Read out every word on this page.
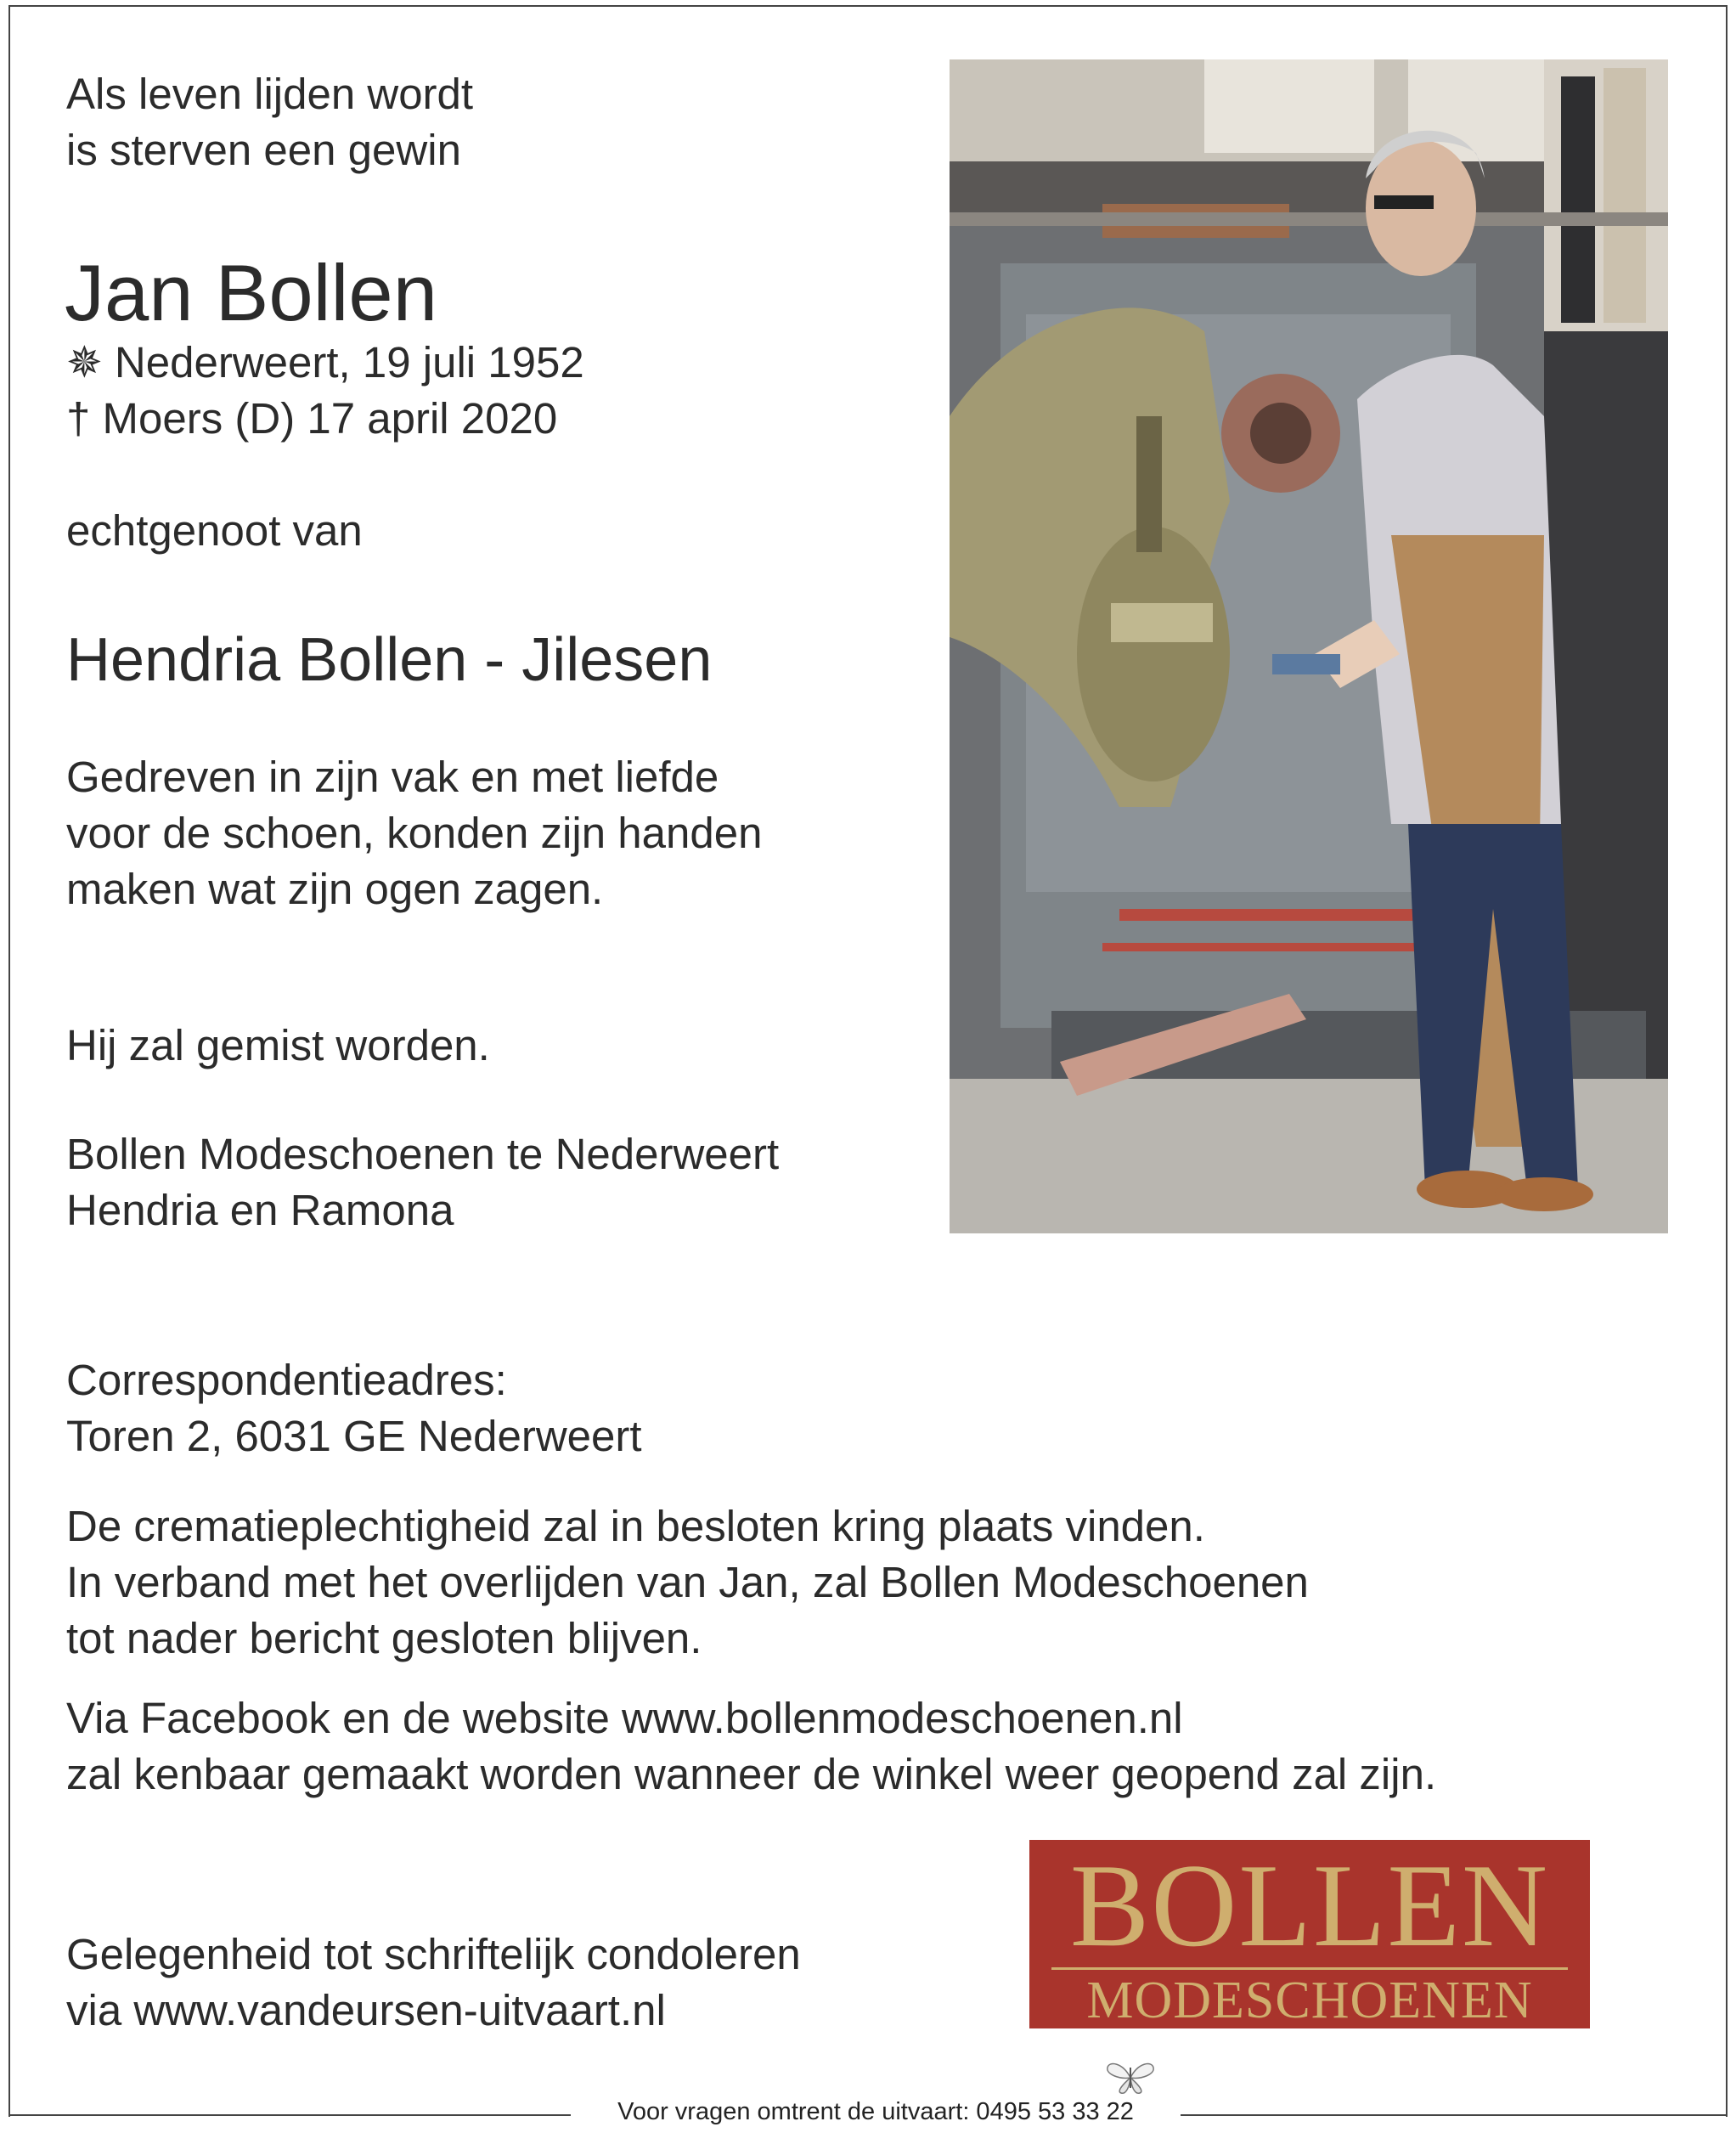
Als leven lijden wordt
is sterven een gewin
Jan Bollen
✵ Nederweert, 19 juli 1952
† Moers (D) 17 april 2020
echtgenoot van
Hendria Bollen - Jilesen
Gedreven in zijn vak en met liefde
voor de schoen, konden zijn handen
maken wat zijn ogen zagen.
Hij zal gemist worden.
Bollen Modeschoenen te Nederweert
Hendria en Ramona
Correspondentieadres:
Toren 2, 6031 GE Nederweert
De crematieplechtigheid zal in besloten kring plaats vinden.
In verband met het overlijden van Jan, zal Bollen Modeschoenen
tot nader bericht gesloten blijven.
Via Facebook en de website www.bollenmodeschoenen.nl
zal kenbaar gemaakt worden wanneer de winkel weer geopend zal zijn.
Gelegenheid tot schriftelijk condoleren
via www.vandeursen-uitvaart.nl
BOLLEN
MODESCHOENEN
Voor vragen omtrent de uitvaart: 0495 53 33 22
